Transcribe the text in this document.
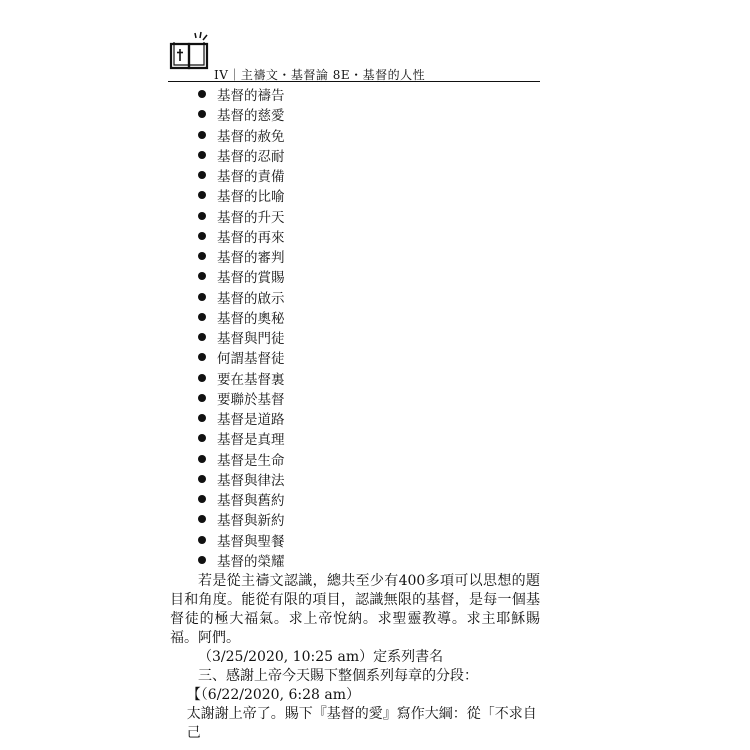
IV｜主禱文・基督論 8E・基督的人性
基督的禱告
基督的慈愛
基督的赦免
基督的忍耐
基督的責備
基督的比喻
基督的升天
基督的再來
基督的審判
基督的賞賜
基督的啟示
基督的奧秘
基督與門徒
何謂基督徒
要在基督裏
要聯於基督
基督是道路
基督是真理
基督是生命
基督與律法
基督與舊約
基督與新約
基督與聖餐
基督的榮耀

若是從主禱文認識，總共至少有400多項可以思想的題目和角度。能從有限的項目，認識無限的基督，是每一個基督徒的極大福氣。求上帝悅納。求聖靈教導。求主耶穌賜福。阿們。

（3/25/2020, 10:25 am）定系列書名

三、感謝上帝今天賜下整個系列每章的分段：

【（6/22/2020, 6:28 am）

太謝謝上帝了。賜下『基督的愛』寫作大綱：從「不求自己
